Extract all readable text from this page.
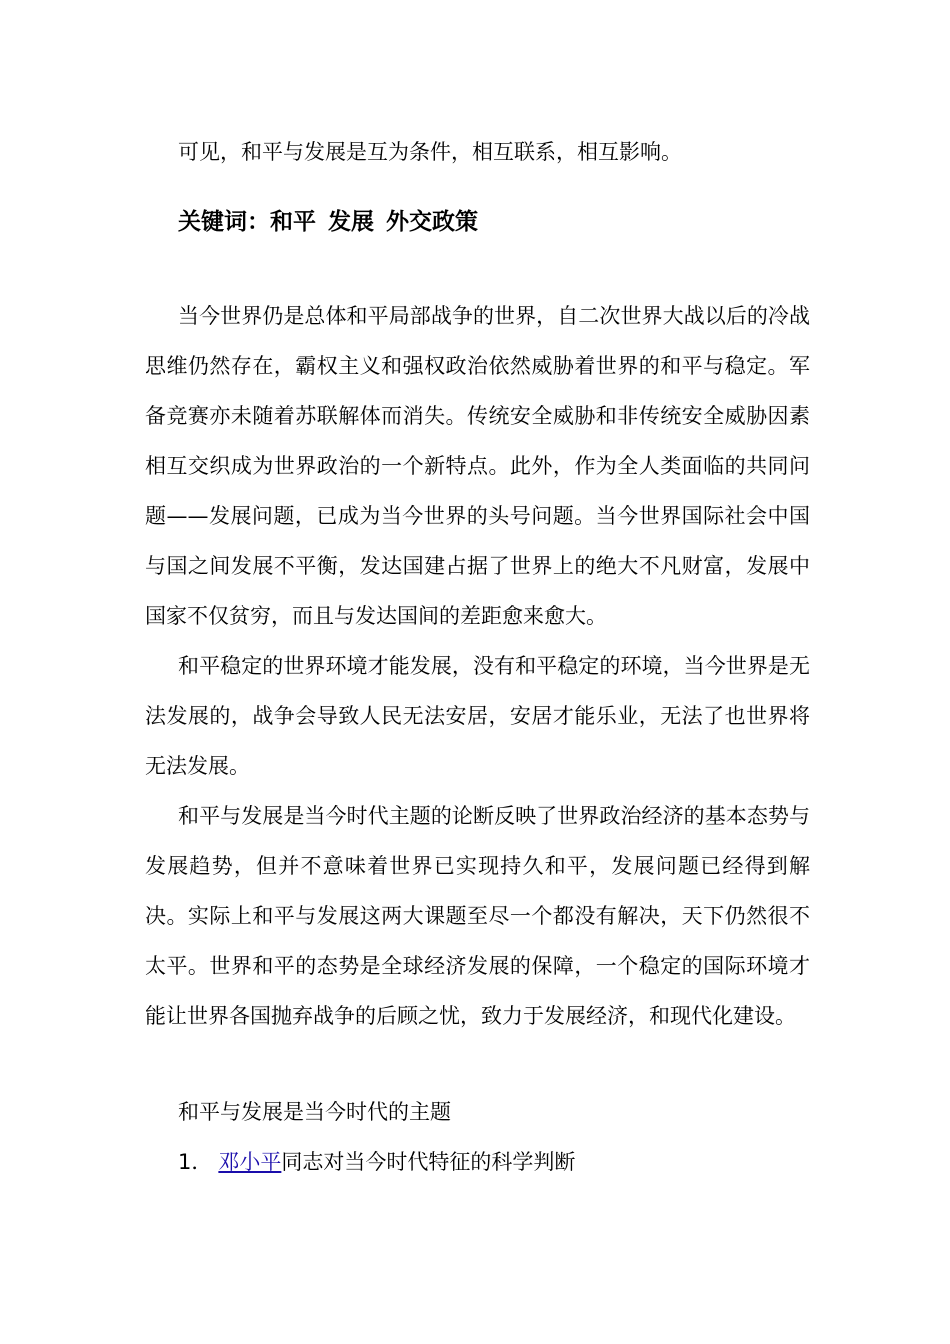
可见，和平与发展是互为条件，相互联系，相互影响。
关键词：和平 发展 外交政策

当今世界仍是总体和平局部战争的世界，自二次世界大战以后的冷战思维仍然存在，霸权主义和强权政治依然威胁着世界的和平与稳定。军备竞赛亦未随着苏联解体而消失。传统安全威胁和非传统安全威胁因素相互交织成为世界政治的一个新特点。此外，作为全人类面临的共同问题——发展问题，已成为当今世界的头号问题。当今世界国际社会中国与国之间发展不平衡，发达国建占据了世界上的绝大不凡财富，发展中国家不仅贫穷，而且与发达国间的差距愈来愈大。

和平稳定的世界环境才能发展，没有和平稳定的环境，当今世界是无法发展的，战争会导致人民无法安居，安居才能乐业，无法了也世界将无法发展。

和平与发展是当今时代主题的论断反映了世界政治经济的基本态势与发展趋势，但并不意味着世界已实现持久和平，发展问题已经得到解决。实际上和平与发展这两大课题至尽一个都没有解决，天下仍然很不太平。世界和平的态势是全球经济发展的保障，一个稳定的国际环境才能让世界各国抛弃战争的后顾之忧，致力于发展经济，和现代化建设。

和平与发展是当今时代的主题
1． 邓小平同志对当今时代特征的科学判断
